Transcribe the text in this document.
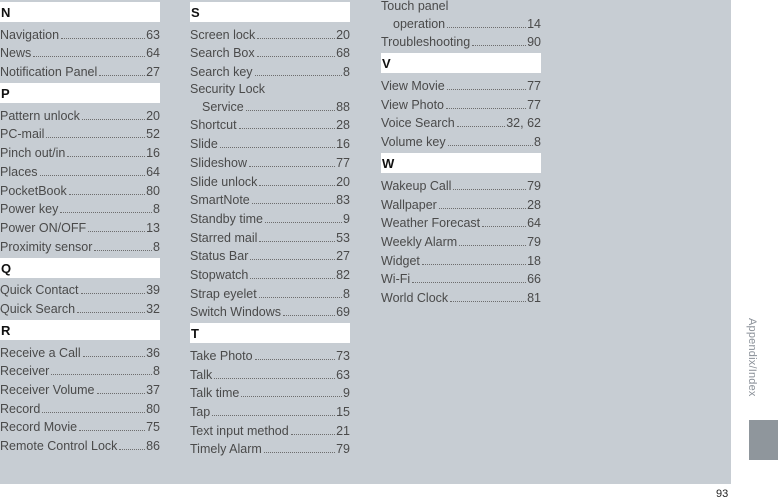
N
Navigation	63
News	64
Notification Panel	27
P
Pattern unlock	20
PC-mail	52
Pinch out/in	16
Places	64
PocketBook	80
Power key	8
Power ON/OFF	13
Proximity sensor	8
Q
Quick Contact	39
Quick Search	32
R
Receive a Call	36
Receiver	8
Receiver Volume	37
Record	80
Record Movie	75
Remote Control Lock 86
S
Screen lock	20
Search Box	68
Search key	8
Security Lock
Service	88
Shortcut	28
Slide	16
Slideshow	77
Slide unlock	20
SmartNote	83
Standby time	9
Starred mail	53
Status Bar	27
Stopwatch	82
Strap eyelet	8
Switch Windows	69
T
Take Photo	73
Talk	63
Talk time	9
Tap	15
Text input method	21
Timely Alarm	79
Touch panel
operation	14
Troubleshooting	90
V
View Movie	77
View Photo	77
Voice Search	32, 62
Volume key	8
W
Wakeup Call	79
Wallpaper	28
Weather Forecast	64
Weekly Alarm	79
Widget	18
Wi-Fi	66
World Clock	81
Appendix/Index
93
